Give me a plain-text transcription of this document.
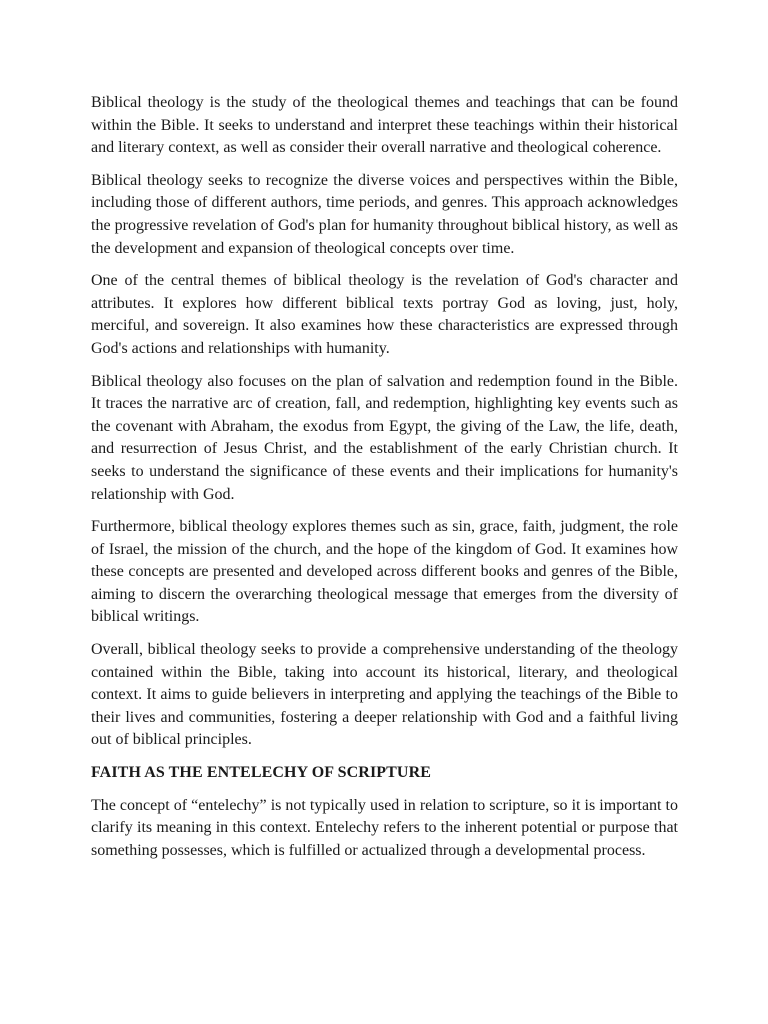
Biblical theology is the study of the theological themes and teachings that can be found within the Bible. It seeks to understand and interpret these teachings within their historical and literary context, as well as consider their overall narrative and theological coherence.

Biblical theology seeks to recognize the diverse voices and perspectives within the Bible, including those of different authors, time periods, and genres. This approach acknowledges the progressive revelation of God's plan for humanity throughout biblical history, as well as the development and expansion of theological concepts over time.

One of the central themes of biblical theology is the revelation of God's character and attributes. It explores how different biblical texts portray God as loving, just, holy, merciful, and sovereign. It also examines how these characteristics are expressed through God's actions and relationships with humanity.

Biblical theology also focuses on the plan of salvation and redemption found in the Bible. It traces the narrative arc of creation, fall, and redemption, highlighting key events such as the covenant with Abraham, the exodus from Egypt, the giving of the Law, the life, death, and resurrection of Jesus Christ, and the establishment of the early Christian church. It seeks to understand the significance of these events and their implications for humanity's relationship with God.

Furthermore, biblical theology explores themes such as sin, grace, faith, judgment, the role of Israel, the mission of the church, and the hope of the kingdom of God. It examines how these concepts are presented and developed across different books and genres of the Bible, aiming to discern the overarching theological message that emerges from the diversity of biblical writings.

Overall, biblical theology seeks to provide a comprehensive understanding of the theology contained within the Bible, taking into account its historical, literary, and theological context. It aims to guide believers in interpreting and applying the teachings of the Bible to their lives and communities, fostering a deeper relationship with God and a faithful living out of biblical principles.

FAITH AS THE ENTELECHY OF SCRIPTURE

The concept of “entelechy” is not typically used in relation to scripture, so it is important to clarify its meaning in this context. Entelechy refers to the inherent potential or purpose that something possesses, which is fulfilled or actualized through a developmental process.
